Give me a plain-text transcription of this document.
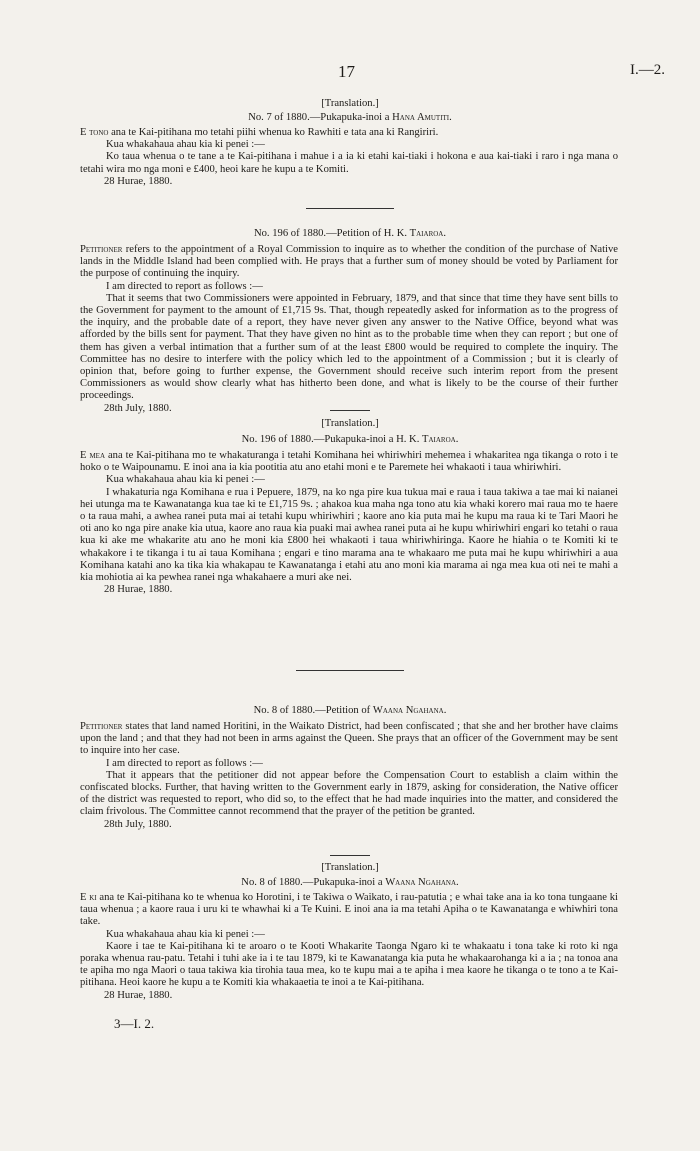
17	I.—2.
[Translation.]
No. 7 of 1880.—Pukapuka-inoi a Hana Amutiti.

E tono ana te Kai-pitihana mo tetahi piihi whenua ko Rawhiti e tata ana ki Rangiriri.

Kua whakahaua ahau kia ki penei :—

Ko taua whenua o te tane a te Kai-pitihana i mahue i a ia ki etahi kai-tiaki i hokona e aua kai-tiaki i raro i nga mana o tetahi wira mo nga moni e £400, heoi kare he kupu a te Komiti.

28 Hurae, 1880.

No. 196 of 1880.—Petition of H. K. Taiaroa.

Petitioner refers to the appointment of a Royal Commission to inquire as to whether the condition of the purchase of Native lands in the Middle Island had been complied with. He prays that a further sum of money should be voted by Parliament for the purpose of continuing the inquiry.

I am directed to report as follows :—

That it seems that two Commissioners were appointed in February, 1879, and that since that time they have sent bills to the Government for payment to the amount of £1,715 9s. That, though repeatedly asked for information as to the progress of the inquiry, and the probable date of a report, they have never given any answer to the Native Office, beyond what was afforded by the bills sent for payment. That they have given no hint as to the probable time when they can report ; but one of them has given a verbal intimation that a further sum of at the least £800 would be required to complete the inquiry. The Committee has no desire to interfere with the policy which led to the appointment of a Commission ; but it is clearly of opinion that, before going to further expense, the Government should receive such interim report from the present Commissioners as would show clearly what has hitherto been done, and what is likely to be the course of their further proceedings.

28th July, 1880.

[Translation.]
No. 196 of 1880.—Pukapuka-inoi a H. K. Taiaroa.

E mea ana te Kai-pitihana mo te whakaturanga i tetahi Komihana hei whiriwhiri mehemea i whakaritea nga tikanga o roto i te hoko o te Waipounamu. E inoi ana ia kia pootitia atu ano etahi moni e te Paremete hei whakaoti i taua whiriwhiri.

Kua whakahaua ahau kia ki penei :—

I whakaturia nga Komihana e rua i Pepuere, 1879, na ko nga pire kua tukua mai e raua i taua takiwa a tae mai ki naianei hei utunga ma te Kawanatanga kua tae ki te £1,715 9s. ; ahakoa kua maha nga tono atu kia whaki korero mai raua mo te haere o ta raua mahi, a awhea ranei puta mai ai tetahi kupu whiriwhiri ; kaore ano kia puta mai he kupu ma raua ki te Tari Maori he oti ano ko nga pire anake kia utua, kaore ano raua kia puaki mai awhea ranei puta ai he kupu whiriwhiri engari ko tetahi o raua kua ki ake me whakarite atu ano he moni kia £800 hei whakaoti i taua whiriwhiringa. Kaore he hiahia o te Komiti ki te whakakore i te tikanga i tu ai taua Komihana ; engari e tino marama ana te whakaaro me puta mai he kupu whiriwhiri a aua Komihana katahi ano ka tika kia whakapau te Kawanatanga i etahi atu ano moni kia marama ai nga mea kua oti nei te mahi a kia mohiotia ai ka pewhea ranei nga whakahaere a muri ake nei.

28 Hurae, 1880.

No. 8 of 1880.—Petition of Waana Ngahana.

Petitioner states that land named Horitini, in the Waikato District, had been confiscated ; that she and her brother have claims upon the land ; and that they had not been in arms against the Queen. She prays that an officer of the Government may be sent to inquire into her case.

I am directed to report as follows :—

That it appears that the petitioner did not appear before the Compensation Court to establish a claim within the confiscated blocks. Further, that having written to the Government early in 1879, asking for consideration, the Native officer of the district was requested to report, who did so, to the effect that he had made inquiries into the matter, and considered the claim frivolous. The Committee cannot recommend that the prayer of the petition be granted.

28th July, 1880.

[Translation.]
No. 8 of 1880.—Pukapuka-inoi a Waana Ngahana.

E ki ana te Kai-pitihana ko te whenua ko Horotini, i te Takiwa o Waikato, i rau-patutia ; e whai take ana ia ko tona tungaane ki taua whenua ; a kaore raua i uru ki te whawhai ki a Te Kuini. E inoi ana ia ma tetahi Apiha o te Kawanatanga e whiwhiri tona take.

Kua whakahaua ahau kia ki penei :—

Kaore i tae te Kai-pitihana ki te aroaro o te Kooti Whakarite Taonga Ngaro ki te whakaatu i tona take ki roto ki nga poraka whenua rau-patu. Tetahi i tuhi ake ia i te tau 1879, ki te Kawanatanga kia puta he whakaarohanga ki a ia ; na tonoa ana te apiha mo nga Maori o taua takiwa kia tirohia taua mea, ko te kupu mai a te apiha i mea kaore he tikanga o te tono a te Kai-pitihana. Heoi kaore he kupu a te Komiti kia whakaaetia te inoi a te Kai-pitihana.

28 Hurae, 1880.

3—I. 2.
